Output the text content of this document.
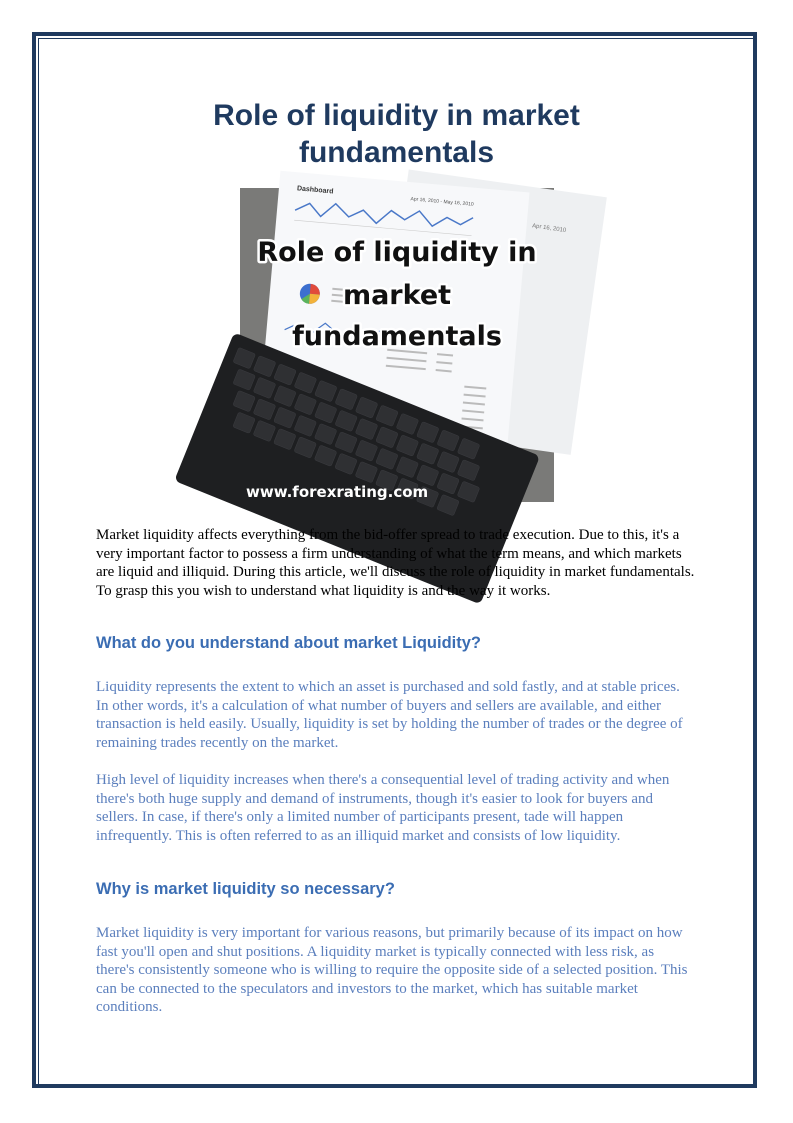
Role of liquidity in market fundamentals
Apr 16, 2010
Dashboard
Apr 16, 2010 - May 16, 2010
Role of liquidity in
market
fundamentals
www.forexrating.com

Market liquidity affects everything from the bid-offer spread to trade execution. Due to this, it's a very important factor to possess a firm understanding of what the term means, and which markets are liquid and illiquid. During this article, we'll discuss the role of liquidity in market fundamentals. To grasp this you wish to understand what liquidity is and the way it works.

What do you understand about market Liquidity?

Liquidity represents the extent to which an asset is purchased and sold fastly, and at stable prices. In other words, it's a calculation of what number of buyers and sellers are available, and either transaction is held easily. Usually, liquidity is set by holding the number of trades or the degree of remaining trades recently on the market.

High level of liquidity increases when there's a consequential level of trading activity and when there's both huge supply and demand of instruments, though it's easier to look for buyers and sellers. In case, if there's only a limited number of participants present, tade will happen infrequently. This is often referred to as an illiquid market and consists of low liquidity.

Why is market liquidity so necessary?

Market liquidity is very important for various reasons, but primarily because of its impact on how fast you'll open and shut positions. A liquidity market is typically connected with less risk, as there's consistently someone who is willing to require the opposite side of a selected position. This can be connected to the speculators and investors to the market, which has suitable market conditions.
